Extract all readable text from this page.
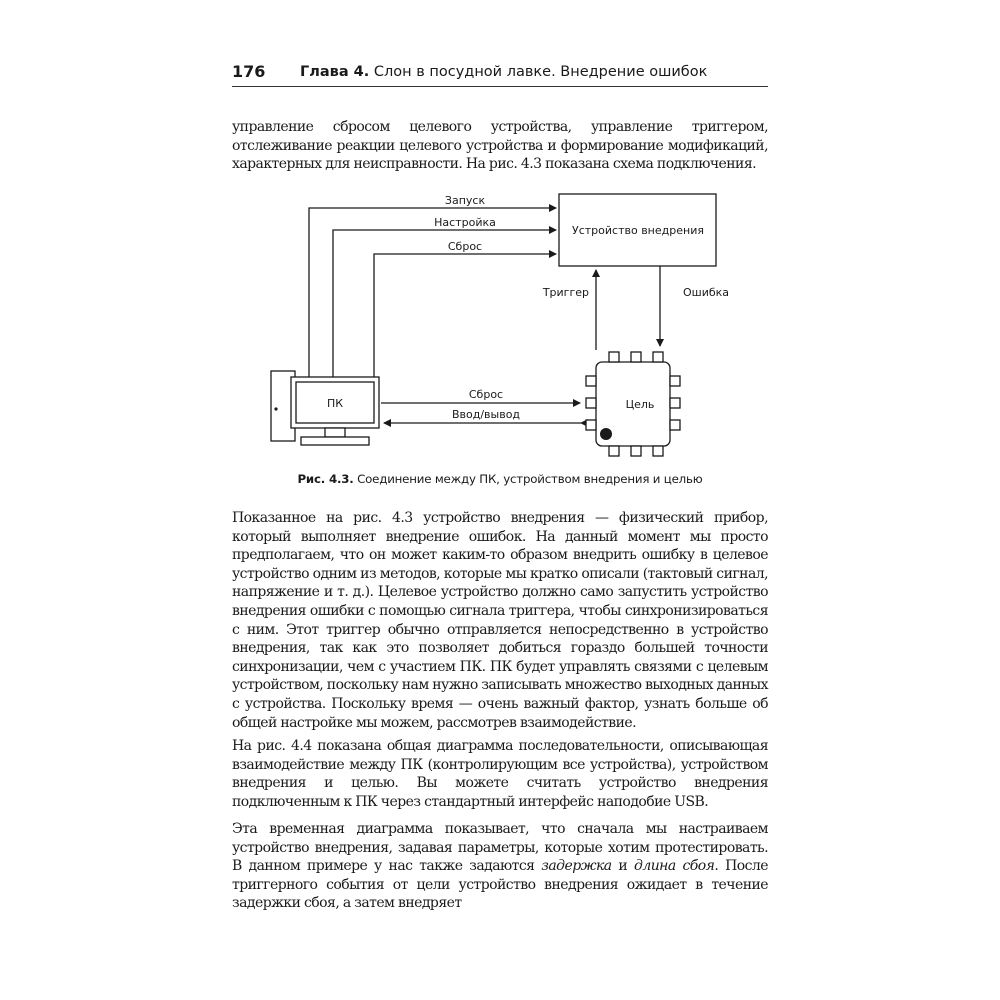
176 Глава 4. Слон в посудной лавке. Внедрение ошибок

управление сбросом целевого устройства, управление триггером, отслеживание реакции целевого устройства и формирование модификаций, характерных для неисправности. На рис. 4.3 показана схема подключения.

Устройство внедрения
Запуск
Настройка
Сброс
Триггер	Ошибка
Сброс
Ввод/вывод
ПК	Цель
Рис. 4.3. Соединение между ПК, устройством внедрения и целью

Показанное на рис. 4.3 устройство внедрения — физический прибор, который выполняет внедрение ошибок. На данный момент мы просто предполагаем, что он может каким-то образом внедрить ошибку в целевое устройство одним из методов, которые мы кратко описали (тактовый сигнал, напряжение и т. д.). Целевое устройство должно само запустить устройство внедрения ошибки с помощью сигнала триггера, чтобы синхронизироваться с ним. Этот триггер обычно отправляется непосредственно в устройство внедрения, так как это позволяет добиться гораздо большей точности синхронизации, чем с участием ПК. ПК будет управлять связями с целевым устройством, поскольку нам нужно записывать множество выходных данных с устройства. Поскольку время — очень важный фактор, узнать больше об общей настройке мы можем, рассмотрев взаимодействие.

На рис. 4.4 показана общая диаграмма последовательности, описывающая взаимодействие между ПК (контролирующим все устройства), устройством внедрения и целью. Вы можете считать устройство внедрения подключенным к ПК через стандартный интерфейс наподобие USB.

Эта временная диаграмма показывает, что сначала мы настраиваем устройство внедрения, задавая параметры, которые хотим протестировать. В данном примере у нас также задаются задержка и длина сбоя. После триггерного события от цели устройство внедрения ожидает в течение задержки сбоя, а затем внедряет
